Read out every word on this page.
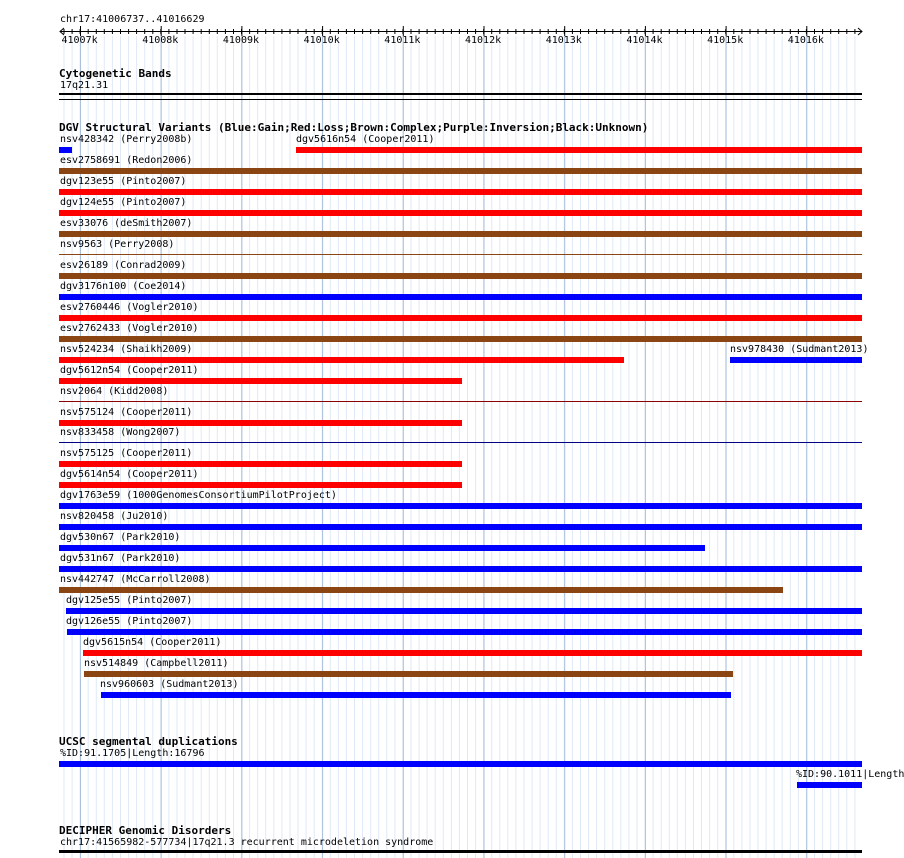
chr17:41006737..41016629
41007k	41008k	41009k	41010k	41011k	41012k	41013k	41014k	41015k	41016k
Cytogenetic Bands
17q21.31
DGV Structural Variants (Blue:Gain;Red:Loss;Brown:Complex;Purple:Inversion;Black:Unknown)
nsv428342 (Perry2008b)	dgv5616n54 (Cooper2011)
esv2758691 (Redon2006)
dgv123e55 (Pinto2007)
dgv124e55 (Pinto2007)
esv33076 (deSmith2007)
nsv9563 (Perry2008)
esv26189 (Conrad2009)
dgv3176n100 (Coe2014)
esv2760446 (Vogler2010)
esv2762433 (Vogler2010)
nsv524234 (Shaikh2009)	nsv978430 (Sudmant2013)
dgv5612n54 (Cooper2011)
nsv2064 (Kidd2008)
nsv575124 (Cooper2011)
nsv833458 (Wong2007)
nsv575125 (Cooper2011)
dgv5614n54 (Cooper2011)
dgv1763e59 (1000GenomesConsortiumPilotProject)
nsv820458 (Ju2010)
dgv530n67 (Park2010)
dgv531n67 (Park2010)
nsv442747 (McCarroll2008)
dgv125e55 (Pinto2007)
dgv126e55 (Pinto2007)
dgv5615n54 (Cooper2011)
nsv514849 (Campbell2011)
nsv960603 (Sudmant2013)
UCSC segmental duplications
%ID:91.1705|Length:16796
%ID:90.1011|Length
DECIPHER Genomic Disorders
chr17:41565982-577734|17q21.3 recurrent microdeletion syndrome
